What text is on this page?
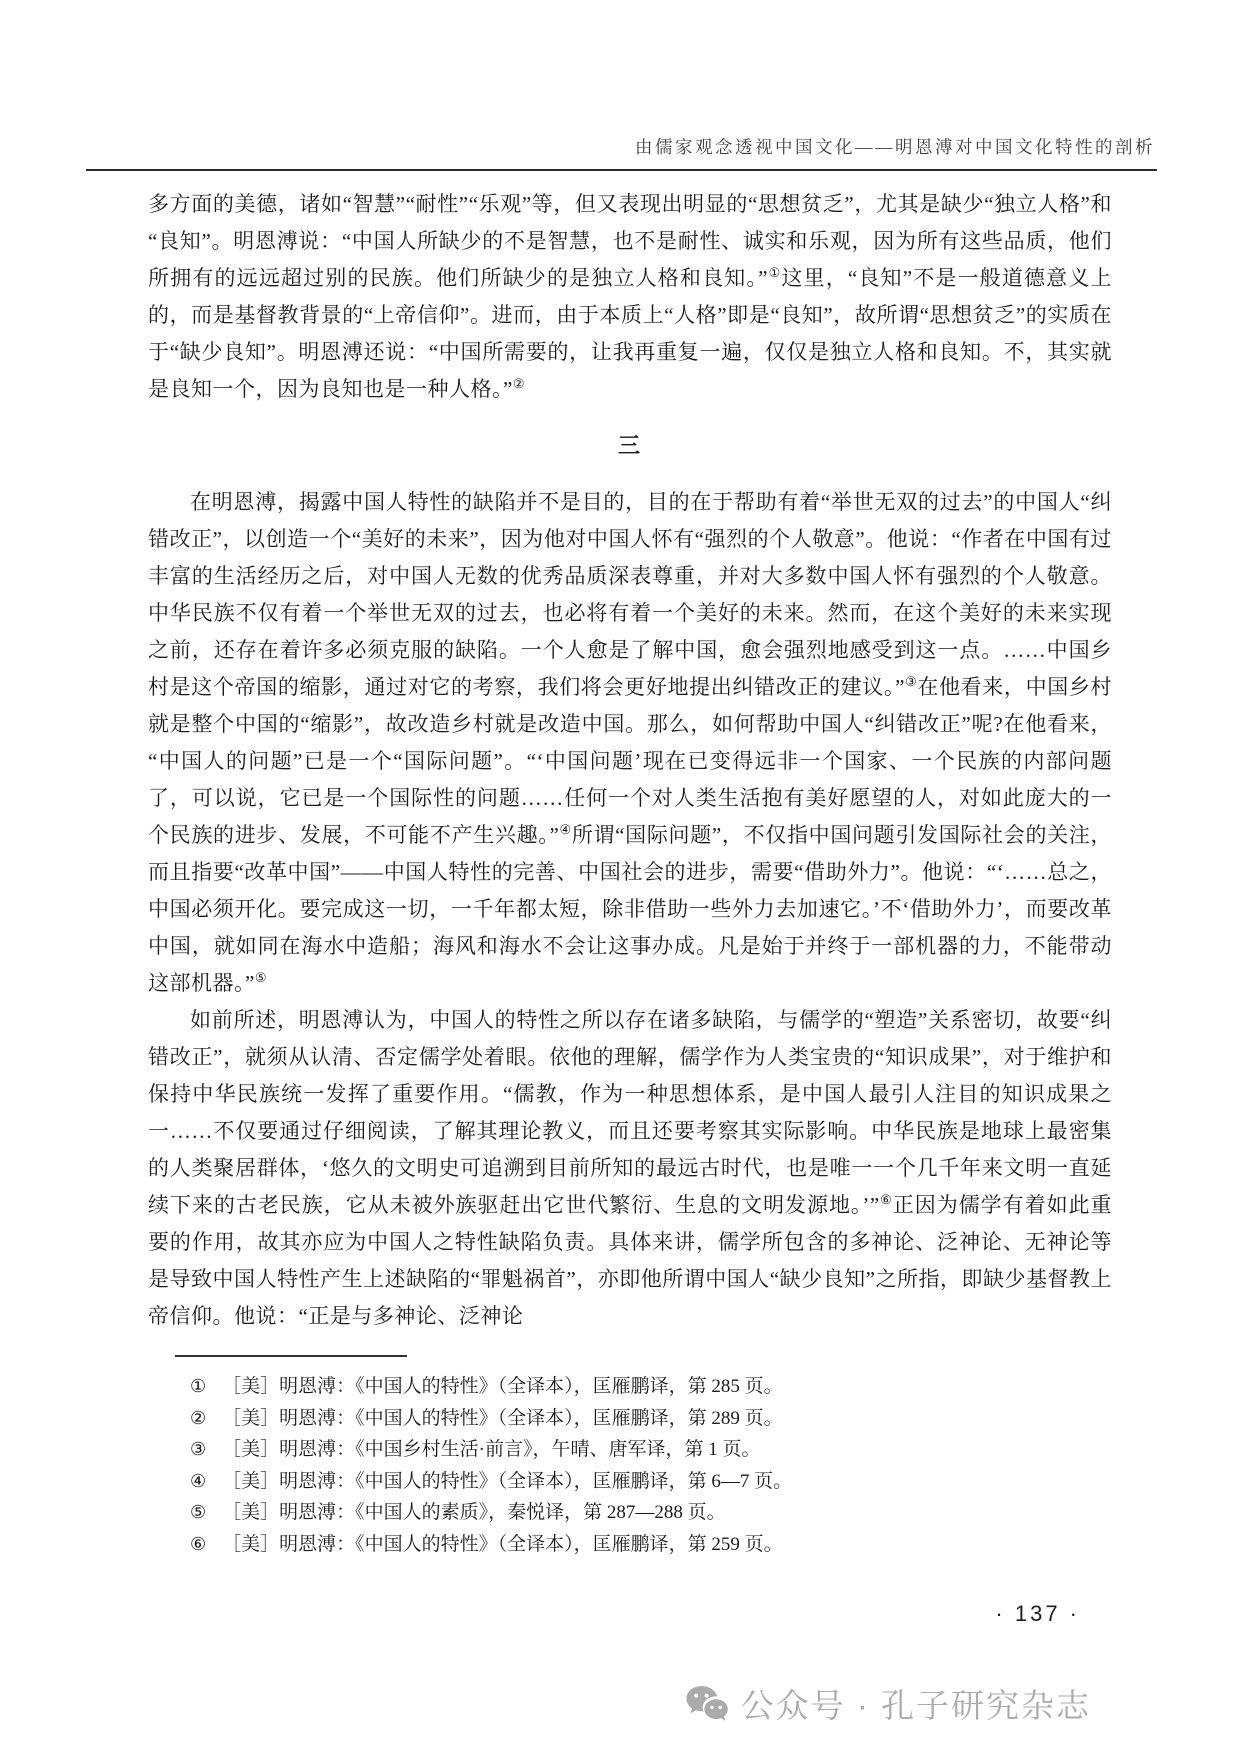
由儒家观念透视中国文化——明恩溥对中国文化特性的剖析

多方面的美德，诸如“智慧”“耐性”“乐观”等，但又表现出明显的“思想贫乏”，尤其是缺少“独立人格”和“良知”。明恩溥说：“中国人所缺少的不是智慧，也不是耐性、诚实和乐观，因为所有这些品质，他们所拥有的远远超过别的民族。他们所缺少的是独立人格和良知。”①这里，“良知”不是一般道德意义上的，而是基督教背景的“上帝信仰”。进而，由于本质上“人格”即是“良知”，故所谓“思想贫乏”的实质在于“缺少良知”。明恩溥还说：“中国所需要的，让我再重复一遍，仅仅是独立人格和良知。不，其实就是良知一个，因为良知也是一种人格。”②

三

在明恩溥，揭露中国人特性的缺陷并不是目的，目的在于帮助有着“举世无双的过去”的中国人“纠错改正”，以创造一个“美好的未来”，因为他对中国人怀有“强烈的个人敬意”。他说：“作者在中国有过丰富的生活经历之后，对中国人无数的优秀品质深表尊重，并对大多数中国人怀有强烈的个人敬意。中华民族不仅有着一个举世无双的过去，也必将有着一个美好的未来。然而，在这个美好的未来实现之前，还存在着许多必须克服的缺陷。一个人愈是了解中国，愈会强烈地感受到这一点。……中国乡村是这个帝国的缩影，通过对它的考察，我们将会更好地提出纠错改正的建议。”③在他看来，中国乡村就是整个中国的“缩影”，故改造乡村就是改造中国。那么，如何帮助中国人“纠错改正”呢?在他看来，“中国人的问题”已是一个“国际问题”。“‘中国问题’现在已变得远非一个国家、一个民族的内部问题了，可以说，它已是一个国际性的问题……任何一个对人类生活抱有美好愿望的人，对如此庞大的一个民族的进步、发展，不可能不产生兴趣。”④所谓“国际问题”，不仅指中国问题引发国际社会的关注，而且指要“改革中国”——中国人特性的完善、中国社会的进步，需要“借助外力”。他说：“‘……总之，中国必须开化。要完成这一切，一千年都太短，除非借助一些外力去加速它。’不‘借助外力’，而要改革中国，就如同在海水中造船；海风和海水不会让这事办成。凡是始于并终于一部机器的力，不能带动这部机器。”⑤

如前所述，明恩溥认为，中国人的特性之所以存在诸多缺陷，与儒学的“塑造”关系密切，故要“纠错改正”，就须从认清、否定儒学处着眼。依他的理解，儒学作为人类宝贵的“知识成果”，对于维护和保持中华民族统一发挥了重要作用。“儒教，作为一种思想体系，是中国人最引人注目的知识成果之一……不仅要通过仔细阅读，了解其理论教义，而且还要考察其实际影响。中华民族是地球上最密集的人类聚居群体，‘悠久的文明史可追溯到目前所知的最远古时代，也是唯一一个几千年来文明一直延续下来的古老民族，它从未被外族驱赶出它世代繁衍、生息的文明发源地。’”⑥正因为儒学有着如此重要的作用，故其亦应为中国人之特性缺陷负责。具体来讲，儒学所包含的多神论、泛神论、无神论等是导致中国人特性产生上述缺陷的“罪魁祸首”，亦即他所谓中国人“缺少良知”之所指，即缺少基督教上帝信仰。他说：“正是与多神论、泛神论

① ［美］明恩溥：《中国人的特性》（全译本），匡雁鹏译，第 285 页。
② ［美］明恩溥：《中国人的特性》（全译本），匡雁鹏译，第 289 页。
③ ［美］明恩溥：《中国乡村生活·前言》，午晴、唐军译，第 1 页。
④ ［美］明恩溥：《中国人的特性》（全译本），匡雁鹏译，第 6—7 页。
⑤ ［美］明恩溥：《中国人的素质》，秦悦译，第 287—288 页。
⑥ ［美］明恩溥：《中国人的特性》（全译本），匡雁鹏译，第 259 页。
· 137 ·
公众号 · 孔子研究杂志
